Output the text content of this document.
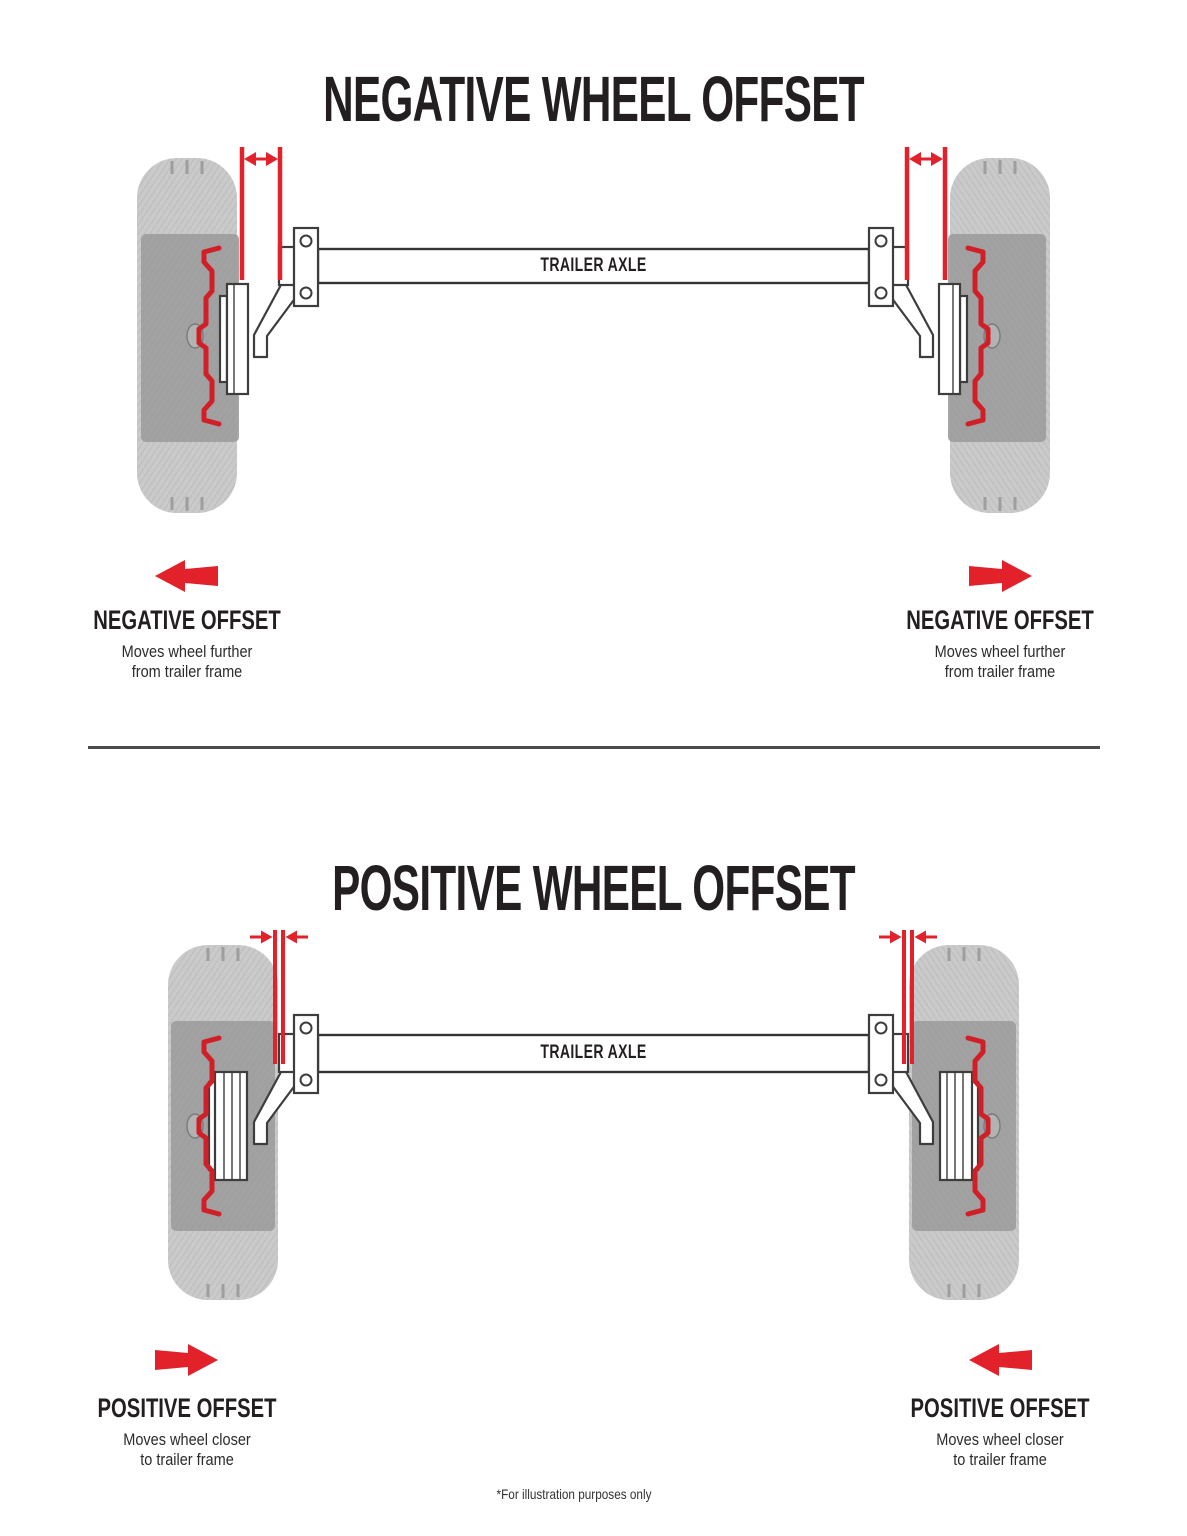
NEGATIVE WHEEL OFFSET
TRAILER AXLE
NEGATIVE OFFSET

Moves wheel further
from trailer frame

NEGATIVE OFFSET

Moves wheel further
from trailer frame

POSITIVE WHEEL OFFSET
TRAILER AXLE
POSITIVE OFFSET

Moves wheel closer
to trailer frame

POSITIVE OFFSET

Moves wheel closer
to trailer frame

*For illustration purposes only
